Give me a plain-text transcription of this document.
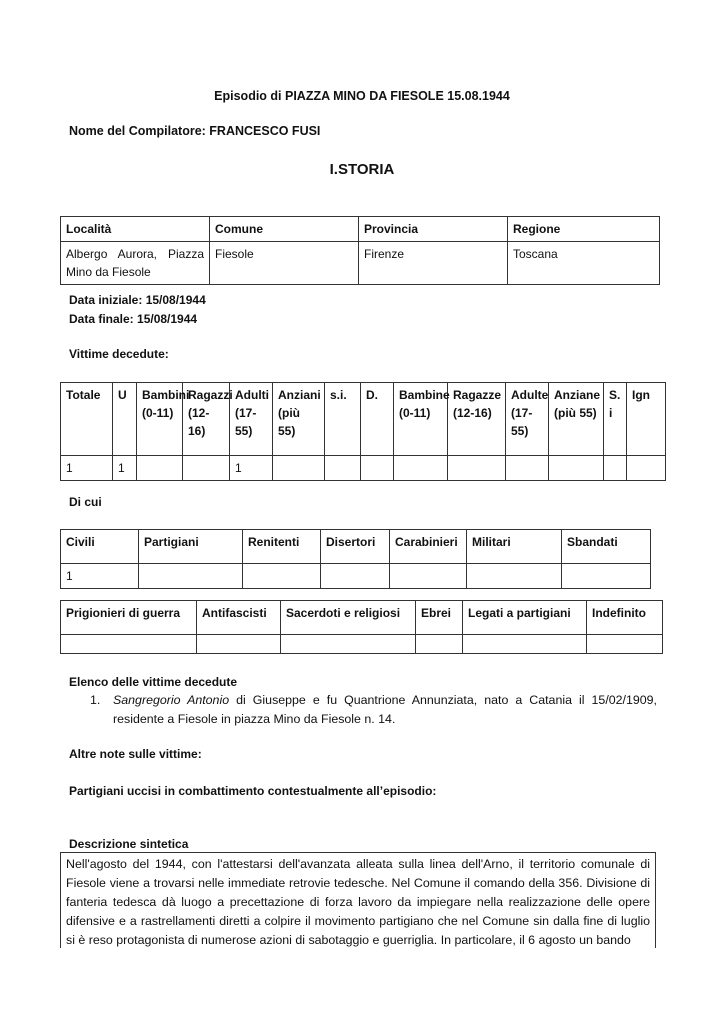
Episodio di PIAZZA MINO DA FIESOLE 15.08.1944
Nome del Compilatore: FRANCESCO FUSI
I.STORIA
Località	Comune	Provincia	Regione
Albergo Aurora, Piazza Mino da Fiesole	Fiesole	Firenze	Toscana
Data iniziale: 15/08/1944
Data finale: 15/08/1944
Vittime decedute:
Totale	U	Bambini (0-11)	Ragazzi (12-16)	Adulti (17-55)	Anziani (più 55)	s.i.	D.	Bambine (0-11)	Ragazze (12-16)	Adulte (17-55)	Anziane (più 55)	S. i	Ign
1	1			1									
Di cui
Civili	Partigiani	Renitenti	Disertori	Carabinieri	Militari	Sbandati
1						
Prigionieri di guerra	Antifascisti	Sacerdoti e religiosi	Ebrei	Legati a partigiani	Indefinito

Elenco delle vittime decedute
1. Sangregorio Antonio di Giuseppe e fu Quantrione Annunziata, nato a Catania il 15/02/1909,
residente a Fiesole in piazza Mino da Fiesole n. 14.
Altre note sulle vittime:
Partigiani uccisi in combattimento contestualmente all’episodio:
Descrizione sintetica

Nell'agosto del 1944, con l'attestarsi dell'avanzata alleata sulla linea dell'Arno, il territorio comunale di Fiesole viene a trovarsi nelle immediate retrovie tedesche. Nel Comune il comando della 356. Divisione di fanteria tedesca dà luogo a precettazione di forza lavoro da impiegare nella realizzazione delle opere difensive e a rastrellamenti diretti a colpire il movimento partigiano che nel Comune sin dalla fine di luglio si è reso protagonista di numerose azioni di sabotaggio e guerriglia. In particolare, il 6 agosto un bando
